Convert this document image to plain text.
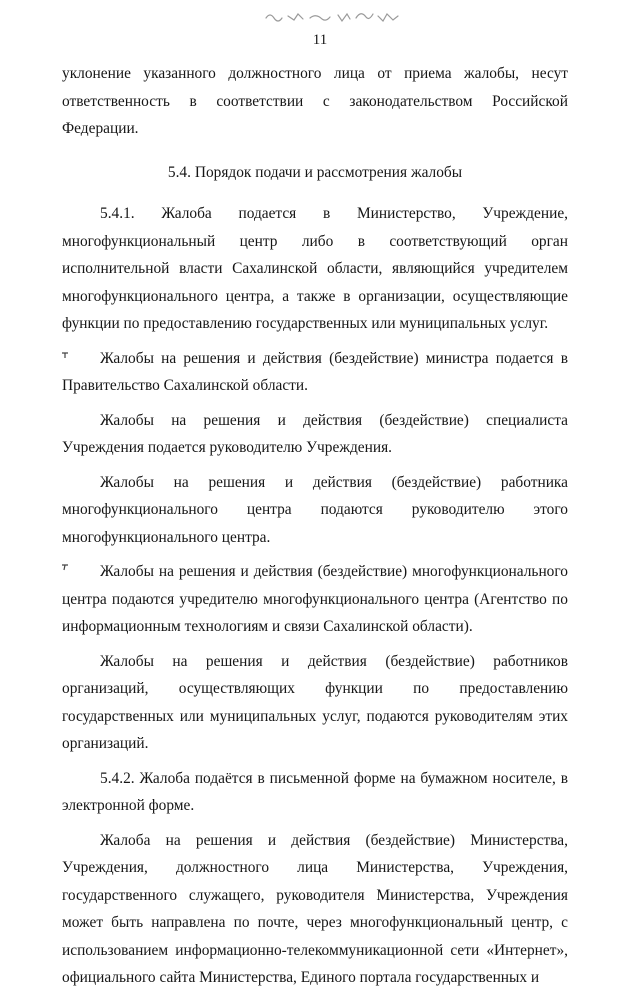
11

уклонение указанного должностного лица от приема жалобы, несут ответственность в соответствии с законодательством Российской Федерации.

5.4. Порядок подачи и рассмотрения жалобы

5.4.1. Жалоба подается в Министерство, Учреждение, многофункциональный центр либо в соответствующий орган исполнительной власти Сахалинской области, являющийся учредителем многофункционального центра, а также в организации, осуществляющие функции по предоставлению государственных или муниципальных услуг.

Жалобы на решения и действия (бездействие) министра подается в Правительство Сахалинской области.

Жалобы на решения и действия (бездействие) специалиста Учреждения подается руководителю Учреждения.

Жалобы на решения и действия (бездействие) работника многофункционального центра подаются руководителю этого многофункционального центра.

Жалобы на решения и действия (бездействие) многофункционального центра подаются учредителю многофункционального центра (Агентство по информационным технологиям и связи Сахалинской области).

Жалобы на решения и действия (бездействие) работников организаций, осуществляющих функции по предоставлению государственных или муниципальных услуг, подаются руководителям этих организаций.

5.4.2. Жалоба подаётся в письменной форме на бумажном носителе, в электронной форме.

Жалоба на решения и действия (бездействие) Министерства, Учреждения, должностного лица Министерства, Учреждения, государственного служащего, руководителя Министерства, Учреждения может быть направлена по почте, через многофункциональный центр, с использованием информационно-телекоммуникационной сети «Интернет», официального сайта Министерства, Единого портала государственных и
